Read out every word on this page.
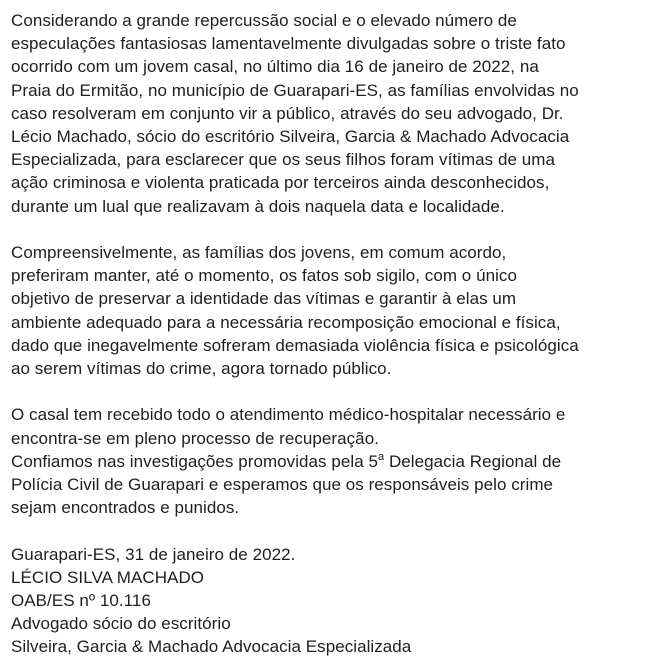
Considerando a grande repercussão social e o elevado número de
especulações fantasiosas lamentavelmente divulgadas sobre o triste fato
ocorrido com um jovem casal, no último dia 16 de janeiro de 2022, na
Praia do Ermitão, no município de Guarapari-ES, as famílias envolvidas no
caso resolveram em conjunto vir a público, através do seu advogado, Dr.
Lécio Machado, sócio do escritório Silveira, Garcia & Machado Advocacia
Especializada, para esclarecer que os seus filhos foram vítimas de uma
ação criminosa e violenta praticada por terceiros ainda desconhecidos,
durante um lual que realizavam à dois naquela data e localidade.

Compreensivelmente, as famílias dos jovens, em comum acordo,
preferiram manter, até o momento, os fatos sob sigilo, com o único
objetivo de preservar a identidade das vítimas e garantir à elas um
ambiente adequado para a necessária recomposição emocional e física,
dado que inegavelmente sofreram demasiada violência física e psicológica
ao serem vítimas do crime, agora tornado público.

O casal tem recebido todo o atendimento médico-hospitalar necessário e
encontra-se em pleno processo de recuperação.
Confiamos nas investigações promovidas pela 5$^a$ Delegacia Regional de
Polícia Civil de Guarapari e esperamos que os responsáveis pelo crime
sejam encontrados e punidos.

Guarapari-ES, 31 de janeiro de 2022.
LÉCIO SILVA MACHADO
OAB/ES nº 10.116
Advogado sócio do escritório
Silveira, Garcia & Machado Advocacia Especializada
